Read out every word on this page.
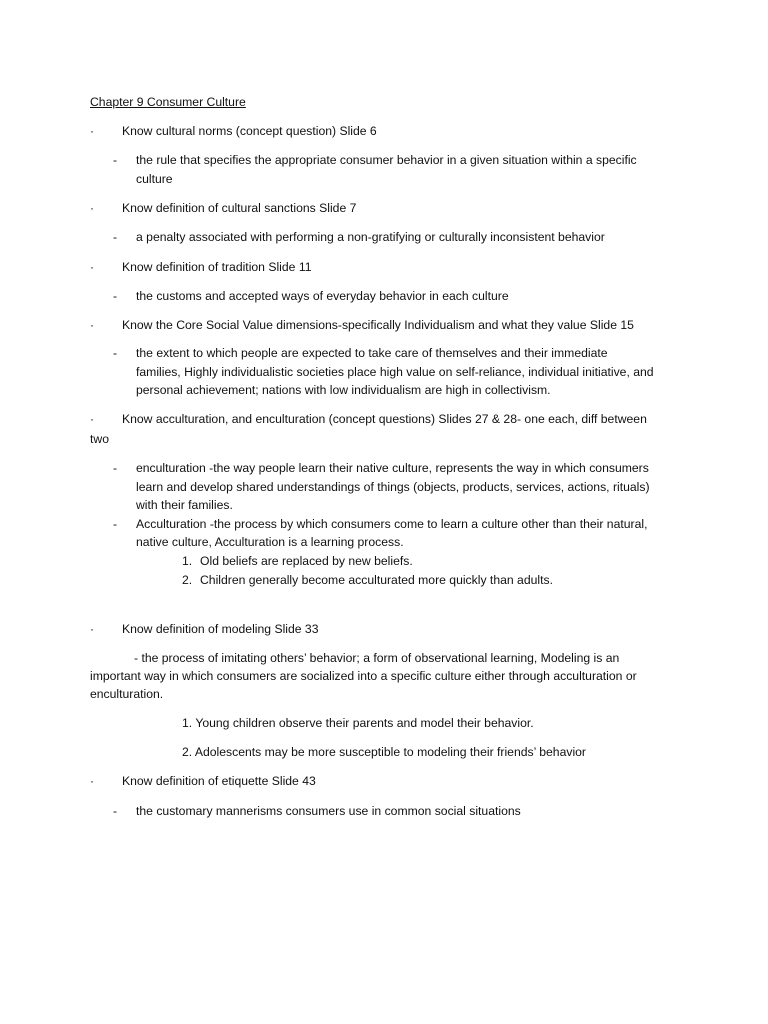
Chapter 9 Consumer Culture
· Know cultural norms (concept question) Slide 6
- the rule that specifies the appropriate consumer behavior in a given situation within a specific
culture
· Know definition of cultural sanctions Slide 7
- a penalty associated with performing a non-gratifying or culturally inconsistent behavior
· Know definition of tradition Slide 11
- the customs and accepted ways of everyday behavior in each culture
· Know the Core Social Value dimensions-specifically Individualism and what they value Slide 15
- the extent to which people are expected to take care of themselves and their immediate
families, Highly individualistic societies place high value on self-reliance, individual initiative, and
personal achievement; nations with low individualism are high in collectivism.
· Know acculturation, and enculturation (concept questions) Slides 27 & 28- one each, diff between
two
- enculturation -the way people learn their native culture, represents the way in which consumers
learn and develop shared understandings of things (objects, products, services, actions, rituals)
with their families.
- Acculturation -the process by which consumers come to learn a culture other than their natural,
native culture, Acculturation is a learning process.
1. Old beliefs are replaced by new beliefs.
2. Children generally become acculturated more quickly than adults.
· Know definition of modeling Slide 33
- the process of imitating others’ behavior; a form of observational learning, Modeling is an
important way in which consumers are socialized into a specific culture either through acculturation or
enculturation.
1. Young children observe their parents and model their behavior.
2. Adolescents may be more susceptible to modeling their friends’ behavior
· Know definition of etiquette Slide 43
- the customary mannerisms consumers use in common social situations
